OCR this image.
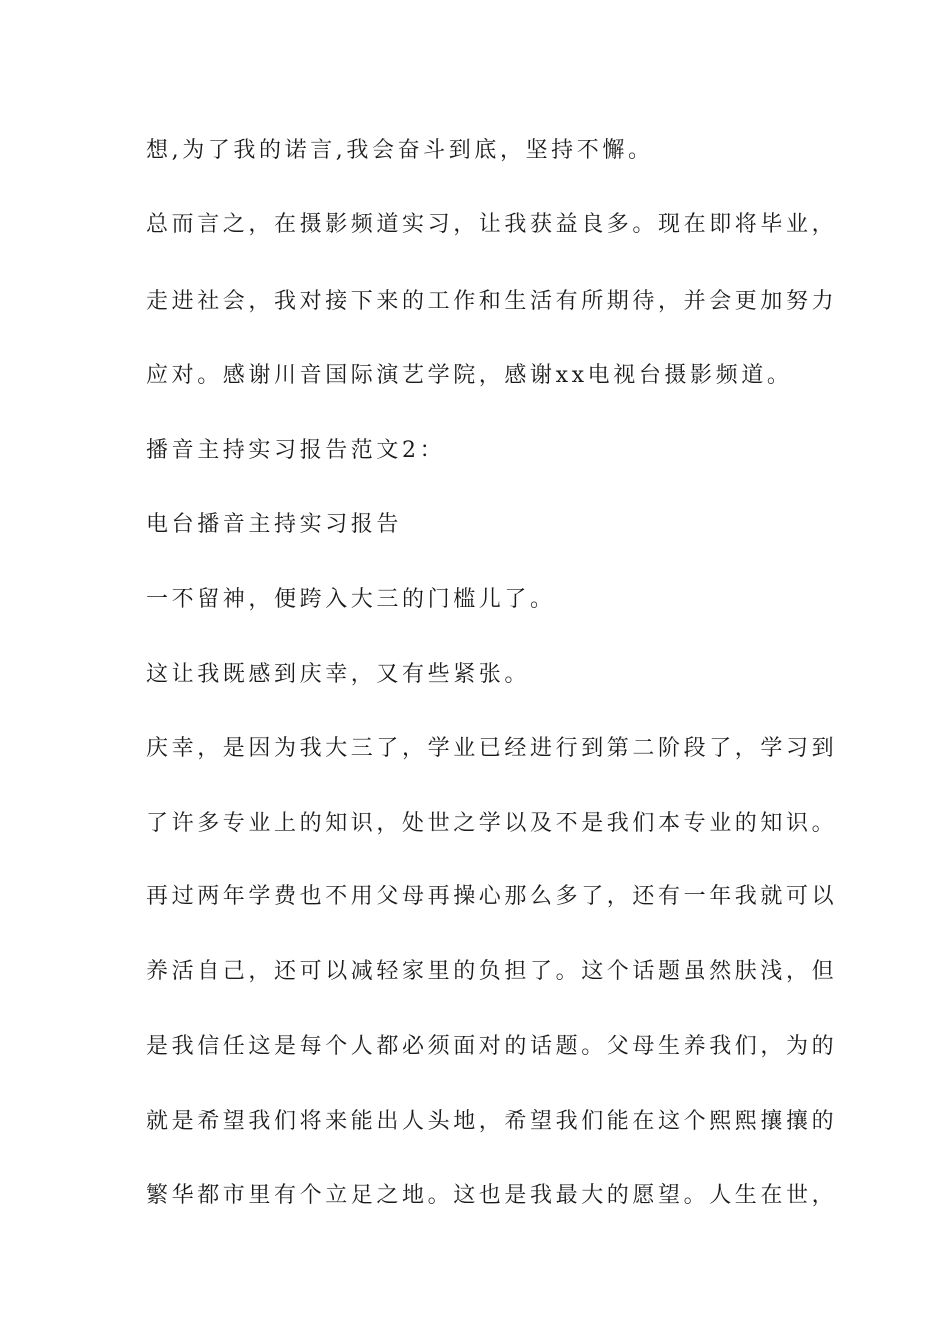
想,为了我的诺言,我会奋斗到底，坚持不懈。
总而言之，在摄影频道实习，让我获益良多。现在即将毕业，
走进社会，我对接下来的工作和生活有所期待，并会更加努力
应对。感谢川音国际演艺学院，感谢xx电视台摄影频道。
播音主持实习报告范文2：
电台播音主持实习报告
一不留神，便跨入大三的门槛儿了。
这让我既感到庆幸，又有些紧张。
庆幸，是因为我大三了，学业已经进行到第二阶段了，学习到
了许多专业上的知识，处世之学以及不是我们本专业的知识。
再过两年学费也不用父母再操心那么多了，还有一年我就可以
养活自己，还可以减轻家里的负担了。这个话题虽然肤浅，但
是我信任这是每个人都必须面对的话题。父母生养我们，为的
就是希望我们将来能出人头地，希望我们能在这个熙熙攘攘的
繁华都市里有个立足之地。这也是我最大的愿望。人生在世，
